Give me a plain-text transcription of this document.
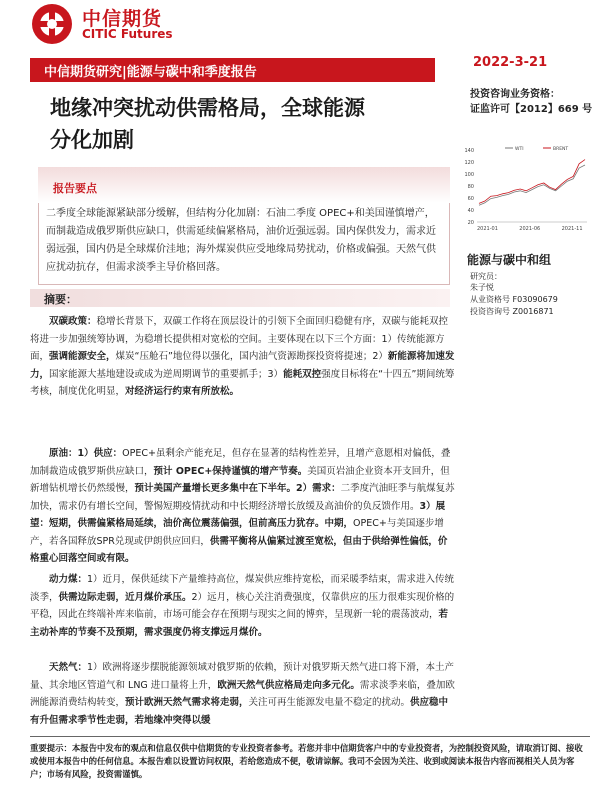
中信期货
CITIC Futures
中信期货研究|能源与碳中和季度报告
2022-3-21
投资咨询业务资格：
证监许可【2012】669 号
地缘冲突扰动供需格局，全球能源
分化加剧	140
120
100
80
60
40
20
2021-01	2021-06	2021-11
WTI	BRENT
能源与碳中和组
研究员：
朱子悦
从业资格号 F03090679
投资咨询号 Z0016871
报告要点
二季度全球能源紧缺部分缓解，但结构分化加剧：石油二季度 OPEC+和美国谨慎增产，而制裁造成俄罗斯供应缺口，供需延续偏紧格局，油价近强远弱。国内保供发力，需求近弱远强，国内仍是全球煤价洼地；海外煤炭供应受地缘局势扰动，价格或偏强。天然气供应扰动抗存，但需求淡季主导价格回落。
摘要：
双碳政策：稳增长背景下，双碳工作将在顶层设计的引领下全面回归稳健有序，双碳与能耗双控将进一步加强统筹协调，为稳增长提供相对宽松的空间。主要体现在以下三个方面：1）传统能源方面，强调能源安全，煤炭“压舱石”地位得以强化，国内油气资源勘探投资将提速；2）新能源将加速发力，国家能源大基地建设或成为逆周期调节的重要抓手；3）能耗双控强度目标将在“十四五”期间统筹考核，制度优化明显，对经济运行约束有所放松。
原油：1）供应：OPEC+虽剩余产能充足，但存在显著的结构性差异，且增产意愿相对偏低，叠加制裁造成俄罗斯供应缺口，预计 OPEC+保持谨慎的增产节奏。美国页岩油企业资本开支回升，但新增钻机增长仍然缓慢，预计美国产量增长更多集中在下半年。2）需求：二季度汽油旺季与航煤复苏加快，需求仍有增长空间，警惕短期疫情扰动和中长期经济增长放缓及高油价的负反馈作用。3）展望：短期，供需偏紧格局延续，油价高位震荡偏强，但前高压力犹存。中期，OPEC+与美国逐步增产，若各国释放SPR兑现或伊朗供应回归，供需平衡将从偏紧过渡至宽松，但由于供给弹性偏低，价格重心回落空间或有限。
动力煤：1）近月，保供延续下产量维持高位，煤炭供应维持宽松，而采暖季结束，需求进入传统淡季，供需边际走弱，近月煤价承压。2）远月，核心关注消费强度，仅靠供应的压力很难实现价格的平稳，因此在终端补库来临前，市场可能会存在预期与现实之间的博弈，呈现新一轮的震荡波动，若主动补库的节奏不及预期，需求强度仍将支撑远月煤价。
天然气：1）欧洲将逐步摆脱能源领域对俄罗斯的依赖，预计对俄罗斯天然气进口将下滑，本土产量、其余地区管道气和 LNG 进口量将上升，欧洲天然气供应格局走向多元化。需求淡季来临，叠加欧洲能源消费结构转变，预计欧洲天然气需求将走弱，关注可再生能源发电量不稳定的扰动。供应稳中有升但需求季节性走弱，若地缘冲突得以缓
重要提示：本报告中发布的观点和信息仅供中信期货的专业投资者参考。若您并非中信期货客户中的专业投资者，为控制投资风险，请取消订阅、接收或使用本报告中的任何信息。本报告难以设置访问权限，若给您造成不便，敬请谅解。我司不会因为关注、收到或阅读本报告内容而视相关人员为客户；市场有风险，投资需谨慎。
